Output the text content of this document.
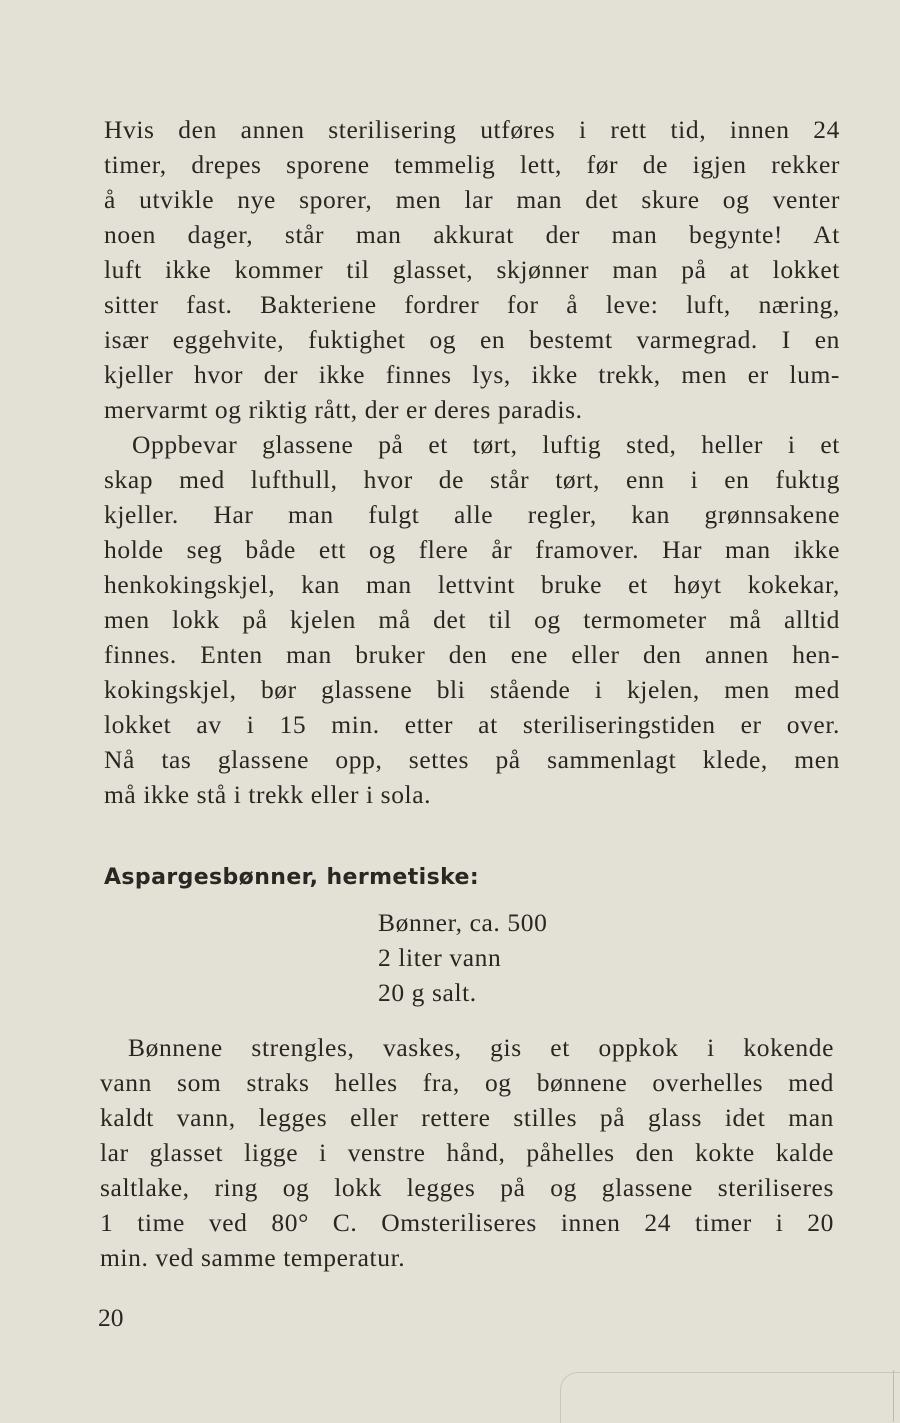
Hvis den annen sterilisering utføres i rett tid, innen 24
timer, drepes sporene temmelig lett, før de igjen rekker
å utvikle nye sporer, men lar man det skure og venter
noen dager, står man akkurat der man begynte! At
luft ikke kommer til glasset, skjønner man på at lokket
sitter fast. Bakteriene fordrer for å leve: luft, næring,
især eggehvite, fuktighet og en bestemt varmegrad. I en
kjeller hvor der ikke finnes lys, ikke trekk, men er lum-
mervarmt og riktig rått, der er deres paradis.
Oppbevar glassene på et tørt, luftig sted, heller i et
skap med lufthull, hvor de står tørt, enn i en fuktıg
kjeller. Har man fulgt alle regler, kan grønnsakene
holde seg både ett og flere år framover. Har man ikke
henkokingskjel, kan man lettvint bruke et høyt kokekar,
men lokk på kjelen må det til og termometer må alltid
finnes. Enten man bruker den ene eller den annen hen-
kokingskjel, bør glassene bli stående i kjelen, men med
lokket av i 15 min. etter at steriliseringstiden er over.
Nå tas glassene opp, settes på sammenlagt klede, men
må ikke stå i trekk eller i sola.
Aspargesbønner, hermetiske:
Bønner, ca. 500
2 liter vann
20 g salt.
Bønnene strengles, vaskes, gis et oppkok i kokende
vann som straks helles fra, og bønnene overhelles med
kaldt vann, legges eller rettere stilles på glass idet man
lar glasset ligge i venstre hånd, påhelles den kokte kalde
saltlake, ring og lokk legges på og glassene steriliseres
1 time ved 80° C. Omsteriliseres innen 24 timer i 20
min. ved samme temperatur.

20
